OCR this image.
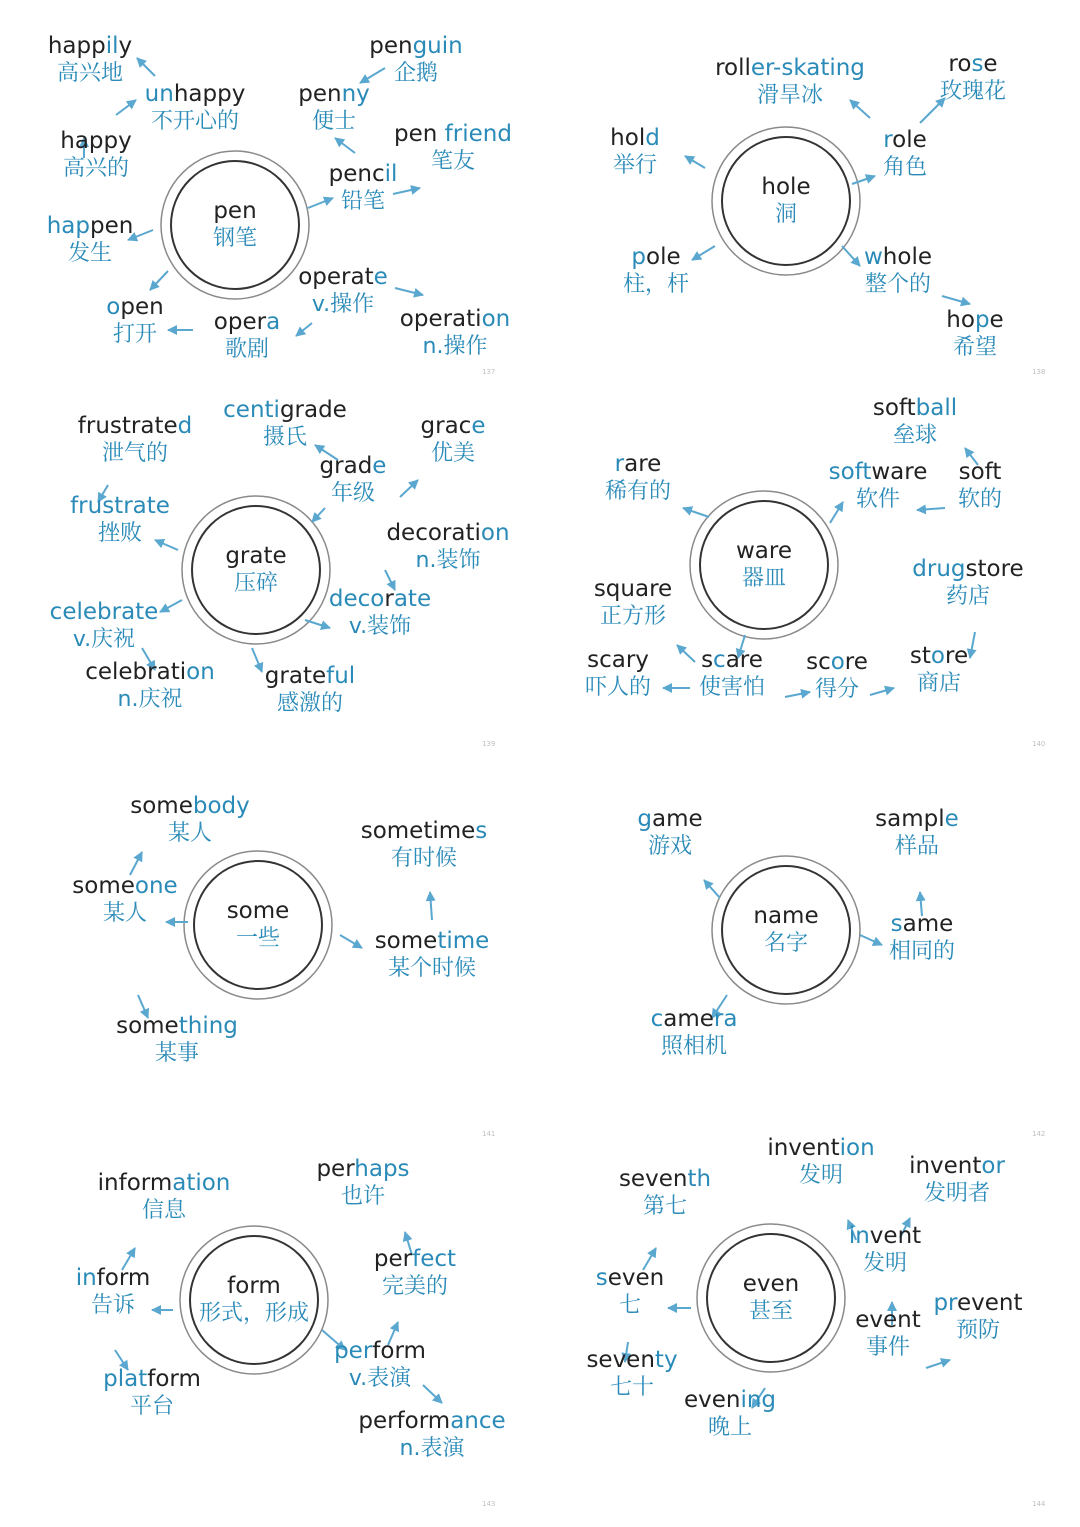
pen
钢笔
happily
高兴地
unhappy
不开心的
happy
高兴的
happen
发生
open
打开 opera
歌剧
operate
v.操作
operation
n.操作
pencil
铅笔
pen friend
笔友
penny
便士
penguin
企鹅
137
hole
洞
roller-skating
滑旱冰
rose
玫瑰花
hold
举行
role
角色
pole
柱，杆
whole
整个的
hope
希望
138
grate
压碎
frustrated
泄气的
centigrade
摄氏	grace
优美
grade
年级
frustrate
挫败	decoration
n.装饰
celebrate
v.庆祝
decorate
v.装饰
celebration
n.庆祝
grateful
感激的
139
ware
器皿
softball
垒球
rare
稀有的
software
软件
soft
软的
square
正方形
drugstore
药店
scary
吓人的
scare
使害怕
score
得分
store
商店
140
some
一些
somebody
某人	sometimes
有时候
someone
某人
sometime
某个时候
something
某事
141
name
名字
game
游戏
sample
样品
same
相同的
camera
照相机
142
form
形式，形成
information
信息
perhaps
也许
perfect
完美的
inform
告诉
perform
v.表演
platform
平台
performance
n.表演
143
even
甚至
seventh
第七
invention
发明	inventor
发明者
invent
发明
seven
七	prevent
预防
event
事件
seventy
七十	evening
晚上
144
